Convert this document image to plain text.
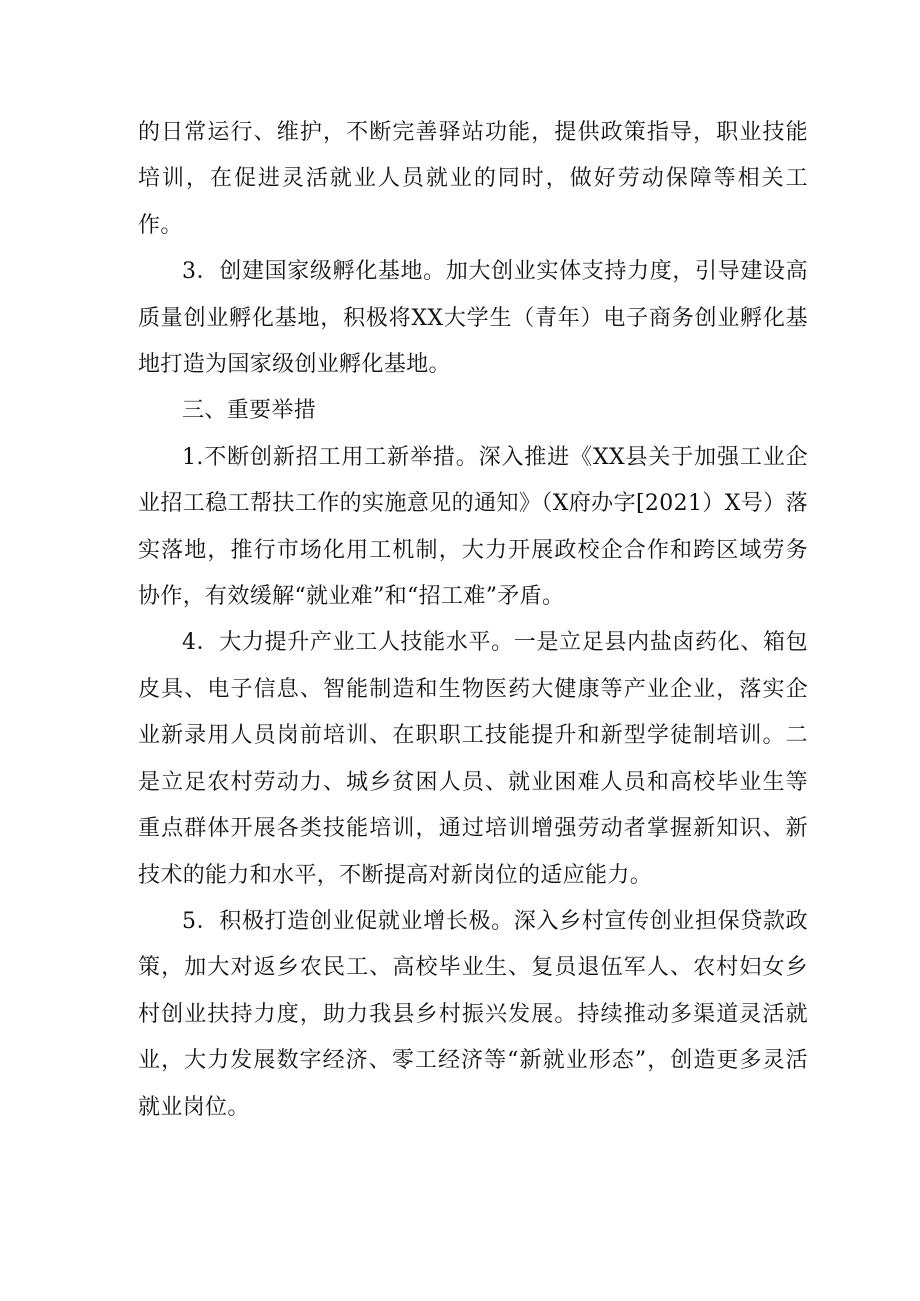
的日常运行、维护，不断完善驿站功能，提供政策指导，职业技能培训，在促进灵活就业人员就业的同时，做好劳动保障等相关工作。

3．创建国家级孵化基地。加大创业实体支持力度，引导建设高质量创业孵化基地，积极将XX大学生（青年）电子商务创业孵化基地打造为国家级创业孵化基地。

三、重要举措

1.不断创新招工用工新举措。深入推进《XX县关于加强工业企业招工稳工帮扶工作的实施意见的通知》（X府办字[2021）X号）落实落地，推行市场化用工机制，大力开展政校企合作和跨区域劳务协作，有效缓解“就业难”和“招工难”矛盾。

4．大力提升产业工人技能水平。一是立足县内盐卤药化、箱包皮具、电子信息、智能制造和生物医药大健康等产业企业，落实企业新录用人员岗前培训、在职职工技能提升和新型学徒制培训。二是立足农村劳动力、城乡贫困人员、就业困难人员和高校毕业生等重点群体开展各类技能培训，通过培训增强劳动者掌握新知识、新技术的能力和水平，不断提高对新岗位的适应能力。

5．积极打造创业促就业增长极。深入乡村宣传创业担保贷款政策，加大对返乡农民工、高校毕业生、复员退伍军人、农村妇女乡村创业扶持力度，助力我县乡村振兴发展。持续推动多渠道灵活就业，大力发展数字经济、零工经济等“新就业形态”，创造更多灵活就业岗位。
